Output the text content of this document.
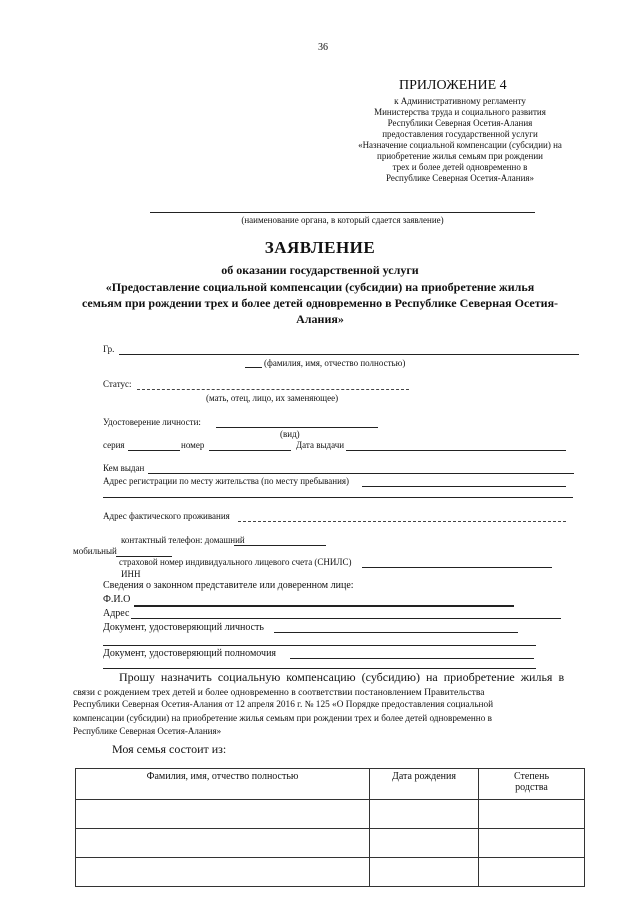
36
ПРИЛОЖЕНИЕ 4
к Административному регламенту
Министерства труда и социального развития
Республики Северная Осетия-Алания
предоставления государственной услуги
«Назначение социальной компенсации (субсидии) на
приобретение жилья семьям при рождении
трех и более детей одновременно в
Республике Северная Осетия-Алания»
(наименование органа, в который сдается заявление)
ЗАЯВЛЕНИЕ
об оказании государственной услуги
«Предоставление социальной компенсации (субсидии) на приобретение жилья
семьям при рождении трех и более детей одновременно в Республике Северная Осетия-
Алания»
Гр.
(фамилия, имя, отчество полностью)
Статус:
(мать, отец, лицо, их заменяющее)
Удостоверение личности:
(вид)
серия	номер	Дата выдачи
Кем выдан
Адрес регистрации по месту жительства (по месту пребывания)
Адрес фактического проживания
контактный телефон: домашний
мобильный
страховой номер индивидуального лицевого счета (СНИЛС)
ИНН
Сведения о законном представителе или доверенном лице:
Ф.И.О
Адрес
Документ, удостоверяющий личность
Документ, удостоверяющий полномочия
Прошу назначить социальную компенсацию (субсидию) на приобретение жилья в
связи с рождением трех детей и более одновременно в соответствии постановлением Правительства
Республики Северная Осетия-Алания от 12 апреля 2016 г. № 125 «О Порядке предоставления социальной
компенсации (субсидии) на приобретение жилья семьям при рождении трех и более детей одновременно в
Республике Северная Осетия-Алания»
Моя семья состоит из:
Фамилия, имя, отчество полностью	Дата рождения	Степень родства
